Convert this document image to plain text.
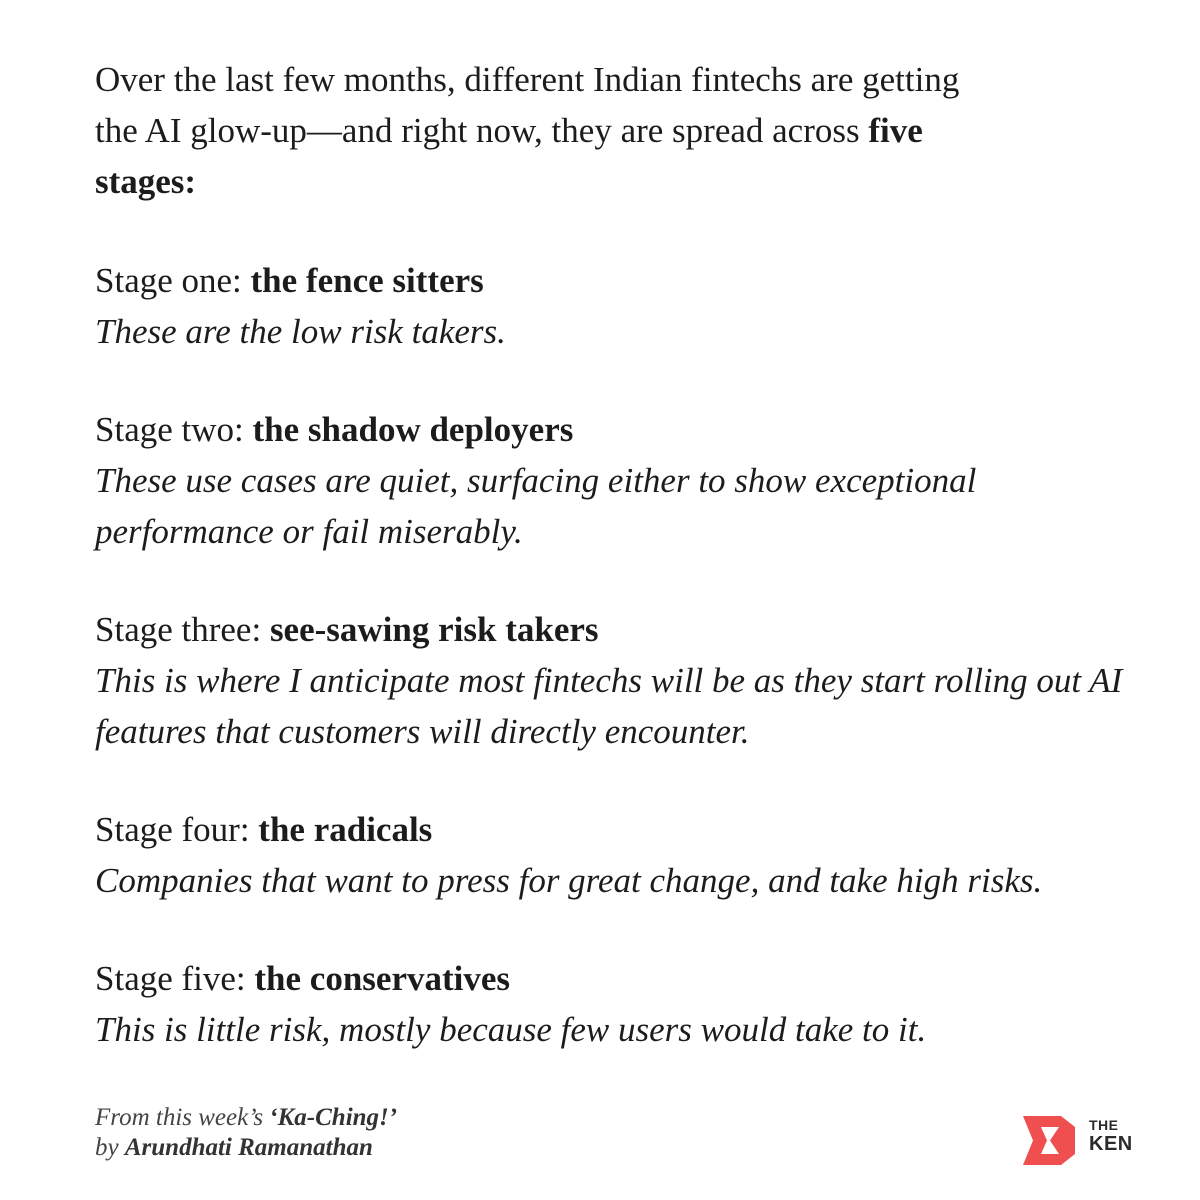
Over the last few months, different Indian fintechs are getting the AI glow-up—and right now, they are spread across five stages:

Stage one: the fence sitters
These are the low risk takers.

Stage two: the shadow deployers
These use cases are quiet, surfacing either to show exceptional performance or fail miserably.

Stage three: see-sawing risk takers
This is where I anticipate most fintechs will be as they start rolling out AI features that customers will directly encounter.

Stage four: the radicals
Companies that want to press for great change, and take high risks.

Stage five: the conservatives
This is little risk, mostly because few users would take to it.

From this week’s ‘Ka-Ching!’
by Arundhati Ramanathan
THE
KEN
